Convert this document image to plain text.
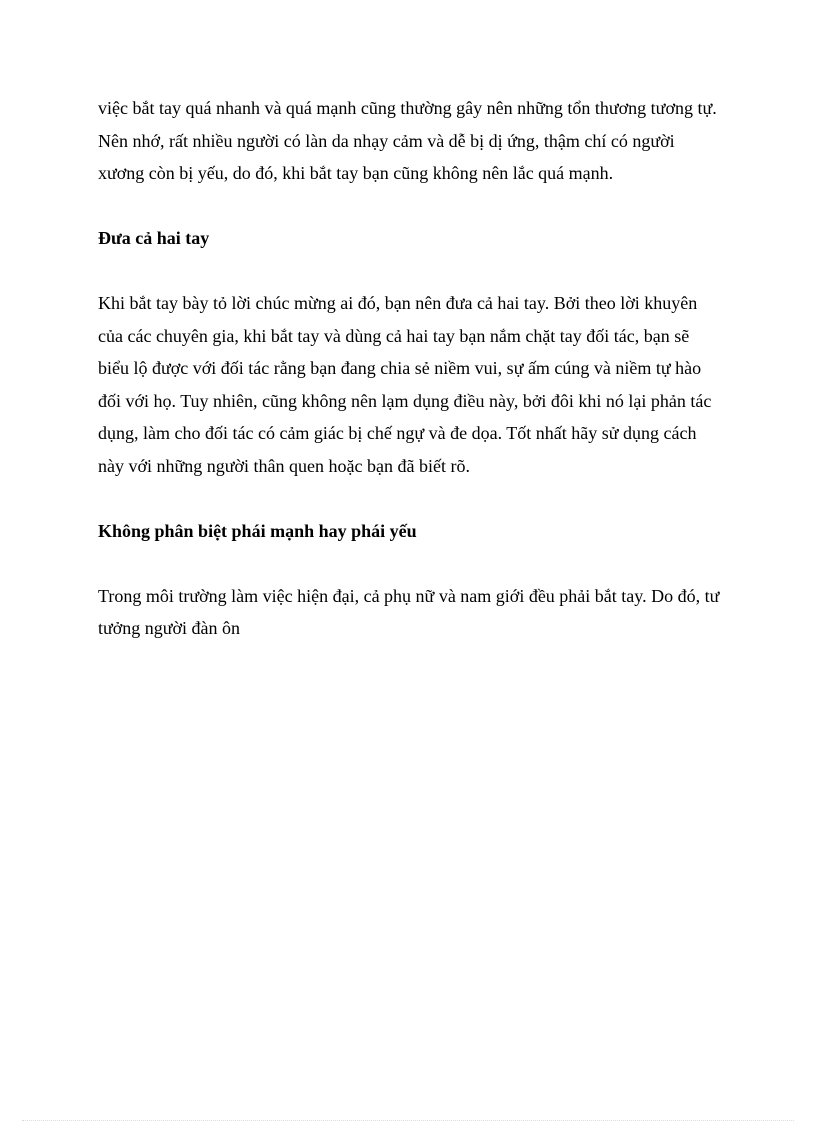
việc bắt tay quá nhanh và quá mạnh cũng thường gây nên những tổn thương tương tự. Nên nhớ, rất nhiều người có làn da nhạy cảm và dễ bị dị ứng, thậm chí có người xương còn bị yếu, do đó, khi bắt tay bạn cũng không nên lắc quá mạnh.

Đưa cả hai tay

Khi bắt tay bày tỏ lời chúc mừng ai đó, bạn nên đưa cả hai tay. Bởi theo lời khuyên của các chuyên gia, khi bắt tay và dùng cả hai tay bạn nắm chặt tay đối tác, bạn sẽ biểu lộ được với đối tác rằng bạn đang chia sẻ niềm vui, sự ấm cúng và niềm tự hào đối với họ. Tuy nhiên, cũng không nên lạm dụng điều này, bởi đôi khi nó lại phản tác dụng, làm cho đối tác có cảm giác bị chế ngự và đe dọa. Tốt nhất hãy sử dụng cách này với những người thân quen hoặc bạn đã biết rõ.

Không phân biệt phái mạnh hay phái yếu

Trong môi trường làm việc hiện đại, cả phụ nữ và nam giới đều phải bắt tay. Do đó, tư tưởng người đàn ôn
